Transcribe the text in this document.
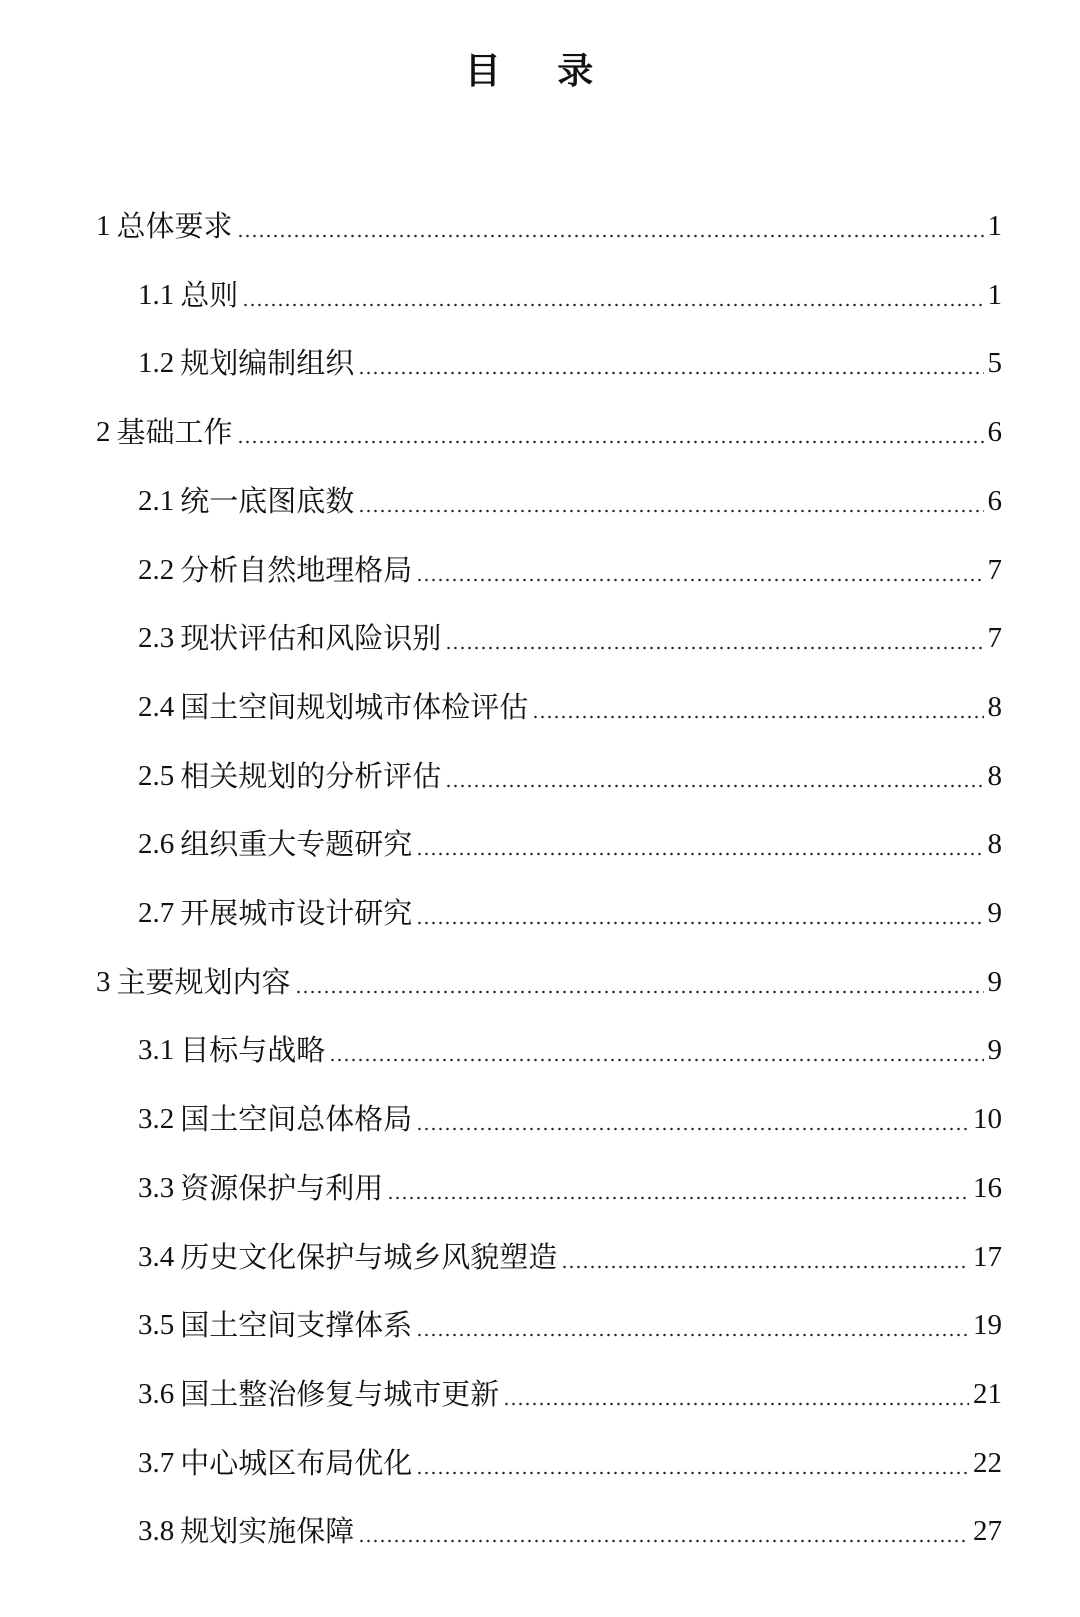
目 录
1 总体要求	1
1.1 总则	1
1.2 规划编制组织	5
2 基础工作	6
2.1 统一底图底数	6
2.2 分析自然地理格局	7
2.3 现状评估和风险识别	7
2.4 国土空间规划城市体检评估	8
2.5 相关规划的分析评估	8
2.6 组织重大专题研究	8
2.7 开展城市设计研究	9
3 主要规划内容	9
3.1 目标与战略	9
3.2 国土空间总体格局	10
3.3 资源保护与利用	16
3.4 历史文化保护与城乡风貌塑造	17
3.5 国土空间支撑体系	19
3.6 国土整治修复与城市更新	21
3.7 中心城区布局优化	22
3.8 规划实施保障	27
